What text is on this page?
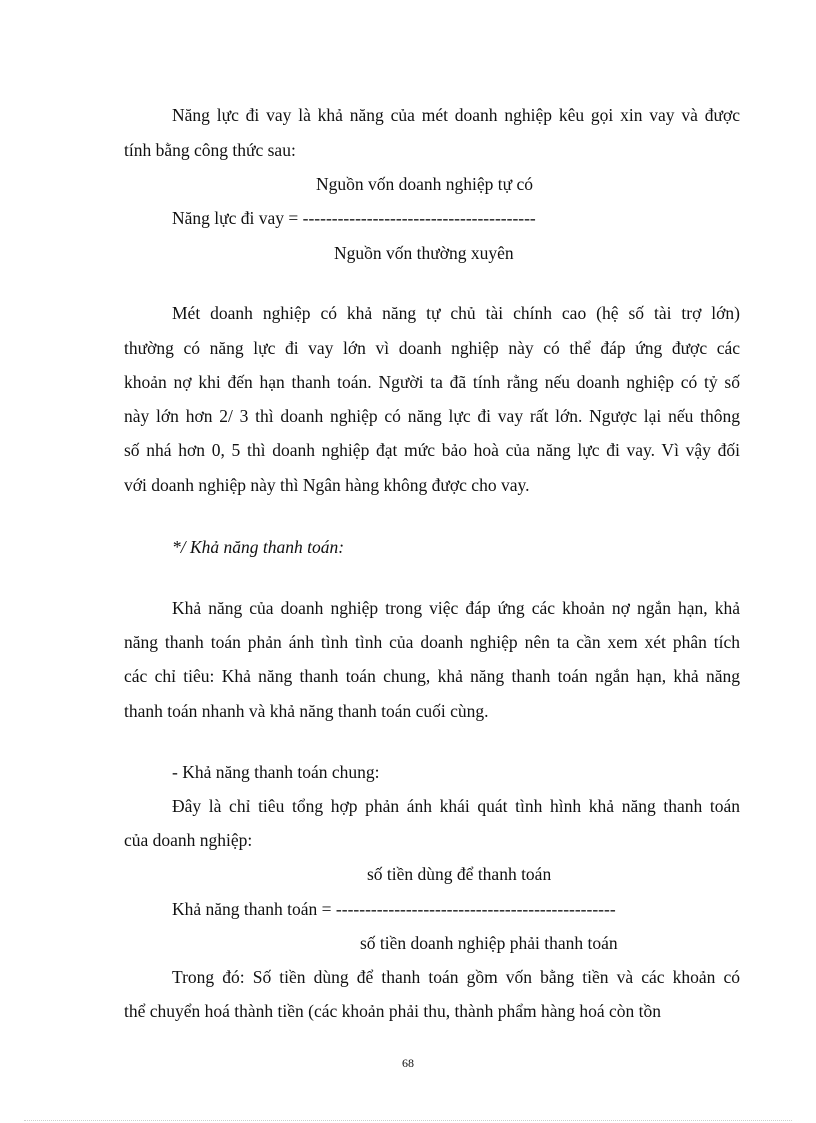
Năng lực đi vay là khả năng của mét doanh nghiệp kêu gọi xin vay và được
tính bằng công thức sau:
Nguồn vốn doanh nghiệp tự có
Năng lực đi vay = ----------------------------------------
Nguồn vốn thường xuyên
Mét doanh nghiệp có khả năng tự chủ tài chính cao (hệ số tài trợ lớn)
thường có năng lực đi vay lớn vì doanh nghiệp này có thể đáp ứng được các
khoản nợ khi đến hạn thanh toán. Người ta đã tính rằng nếu doanh nghiệp có tỷ số
này lớn hơn 2/ 3 thì doanh nghiệp có năng lực đi vay rất lớn. Ngược lại nếu thông
số nhá hơn 0, 5 thì doanh nghiệp đạt mức bảo hoà của năng lực đi vay. Vì vậy đối
với doanh nghiệp này thì Ngân hàng không được cho vay.
*/ Khả năng thanh toán:
Khả năng của doanh nghiệp trong việc đáp ứng các khoản nợ ngắn hạn, khả
năng thanh toán phản ánh tình tình của doanh nghiệp nên ta cần xem xét phân tích
các chỉ tiêu: Khả năng thanh toán chung, khả năng thanh toán ngắn hạn, khả năng
thanh toán nhanh và khả năng thanh toán cuối cùng.
- Khả năng thanh toán chung:
Đây là chỉ tiêu tổng hợp phản ánh khái quát tình hình khả năng thanh toán
của doanh nghiệp:
số tiền dùng để thanh toán
Khả năng thanh toán = ------------------------------------------------
số tiền doanh nghiệp phải thanh toán
Trong đó: Số tiền dùng để thanh toán gồm vốn bằng tiền và các khoản có
thể chuyển hoá thành tiền (các khoản phải thu, thành phẩm hàng hoá còn tồn
68
